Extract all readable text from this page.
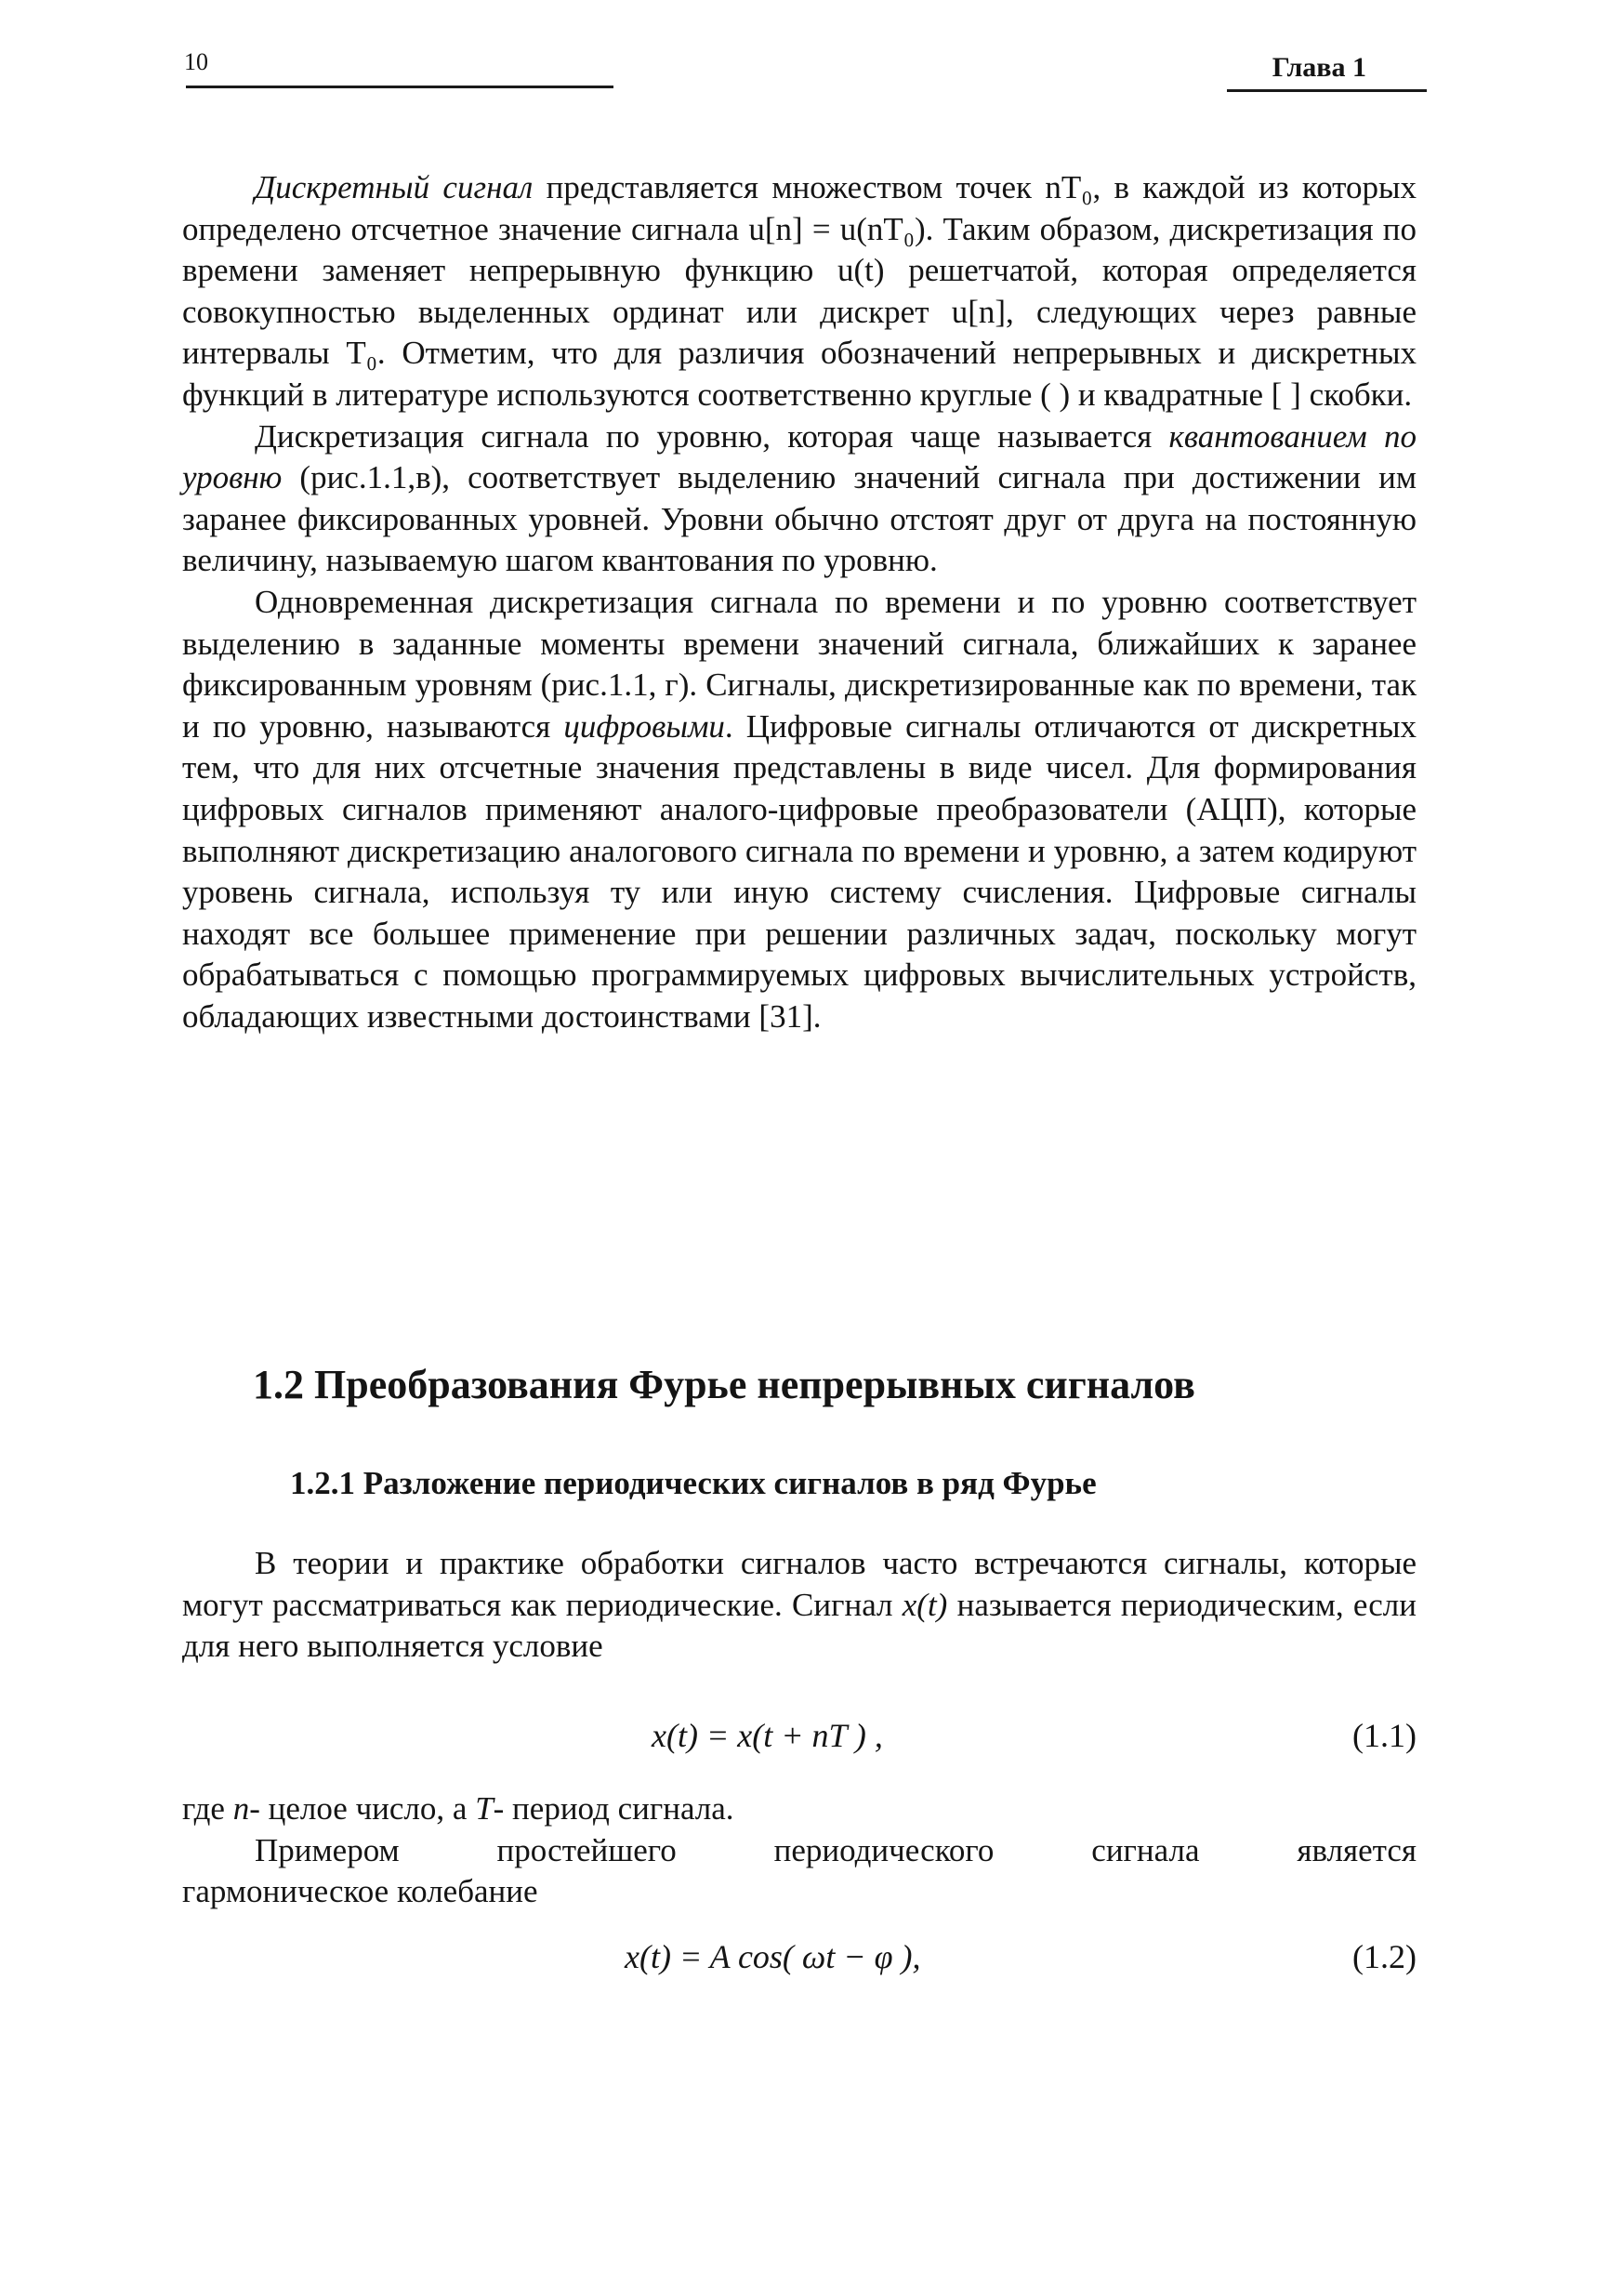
10	Глава 1

Дискретный сигнал представляется множеством точек nT₀, в каждой из которых определено отсчетное значение сигнала u[n] = u(nT₀). Таким образом, дискретизация по времени заменяет непрерывную функцию u(t) решетчатой, которая определяется совокупностью выделенных ординат или дискрет u[n], следующих через равные интервалы T₀. Отметим, что для различия обозначений непрерывных и дискретных функций в литературе используются соответственно круглые ( ) и квадратные [ ] скобки.

Дискретизация сигнала по уровню, которая чаще называется квантованием по уровню (рис.1.1,в), соответствует выделению значений сигнала при достижении им заранее фиксированных уровней. Уровни обычно отстоят друг от друга на постоянную величину, называемую шагом квантования по уровню.

Одновременная дискретизация сигнала по времени и по уровню соответствует выделению в заданные моменты времени значений сигнала, ближайших к заранее фиксированным уровням (рис.1.1, г). Сигналы, дискретизированные как по времени, так и по уровню, называются цифровыми. Цифровые сигналы отличаются от дискретных тем, что для них отсчетные значения представлены в виде чисел. Для формирования цифровых сигналов применяют аналого-цифровые преобразователи (АЦП), которые выполняют дискретизацию аналогового сигнала по времени и уровню, а затем кодируют уровень сигнала, используя ту или иную систему счисления. Цифровые сигналы находят все большее применение при решении различных задач, поскольку могут обрабатываться с помощью программируемых цифровых вычислительных устройств, обладающих известными достоинствами [31].

1.2 Преобразования Фурье непрерывных сигналов
1.2.1 Разложение периодических сигналов в ряд Фурье

В теории и практике обработки сигналов часто встречаются сигналы, которые могут рассматриваться как периодические. Сигнал x(t) называется периодическим, если для него выполняется условие

x(t) = x(t + nT ) ,	(1.1)

где n- целое число, а T- период сигнала.

Примером простейшего периодического сигнала является

гармоническое колебание

x(t) = A cos( ωt − φ ),	(1.2)
